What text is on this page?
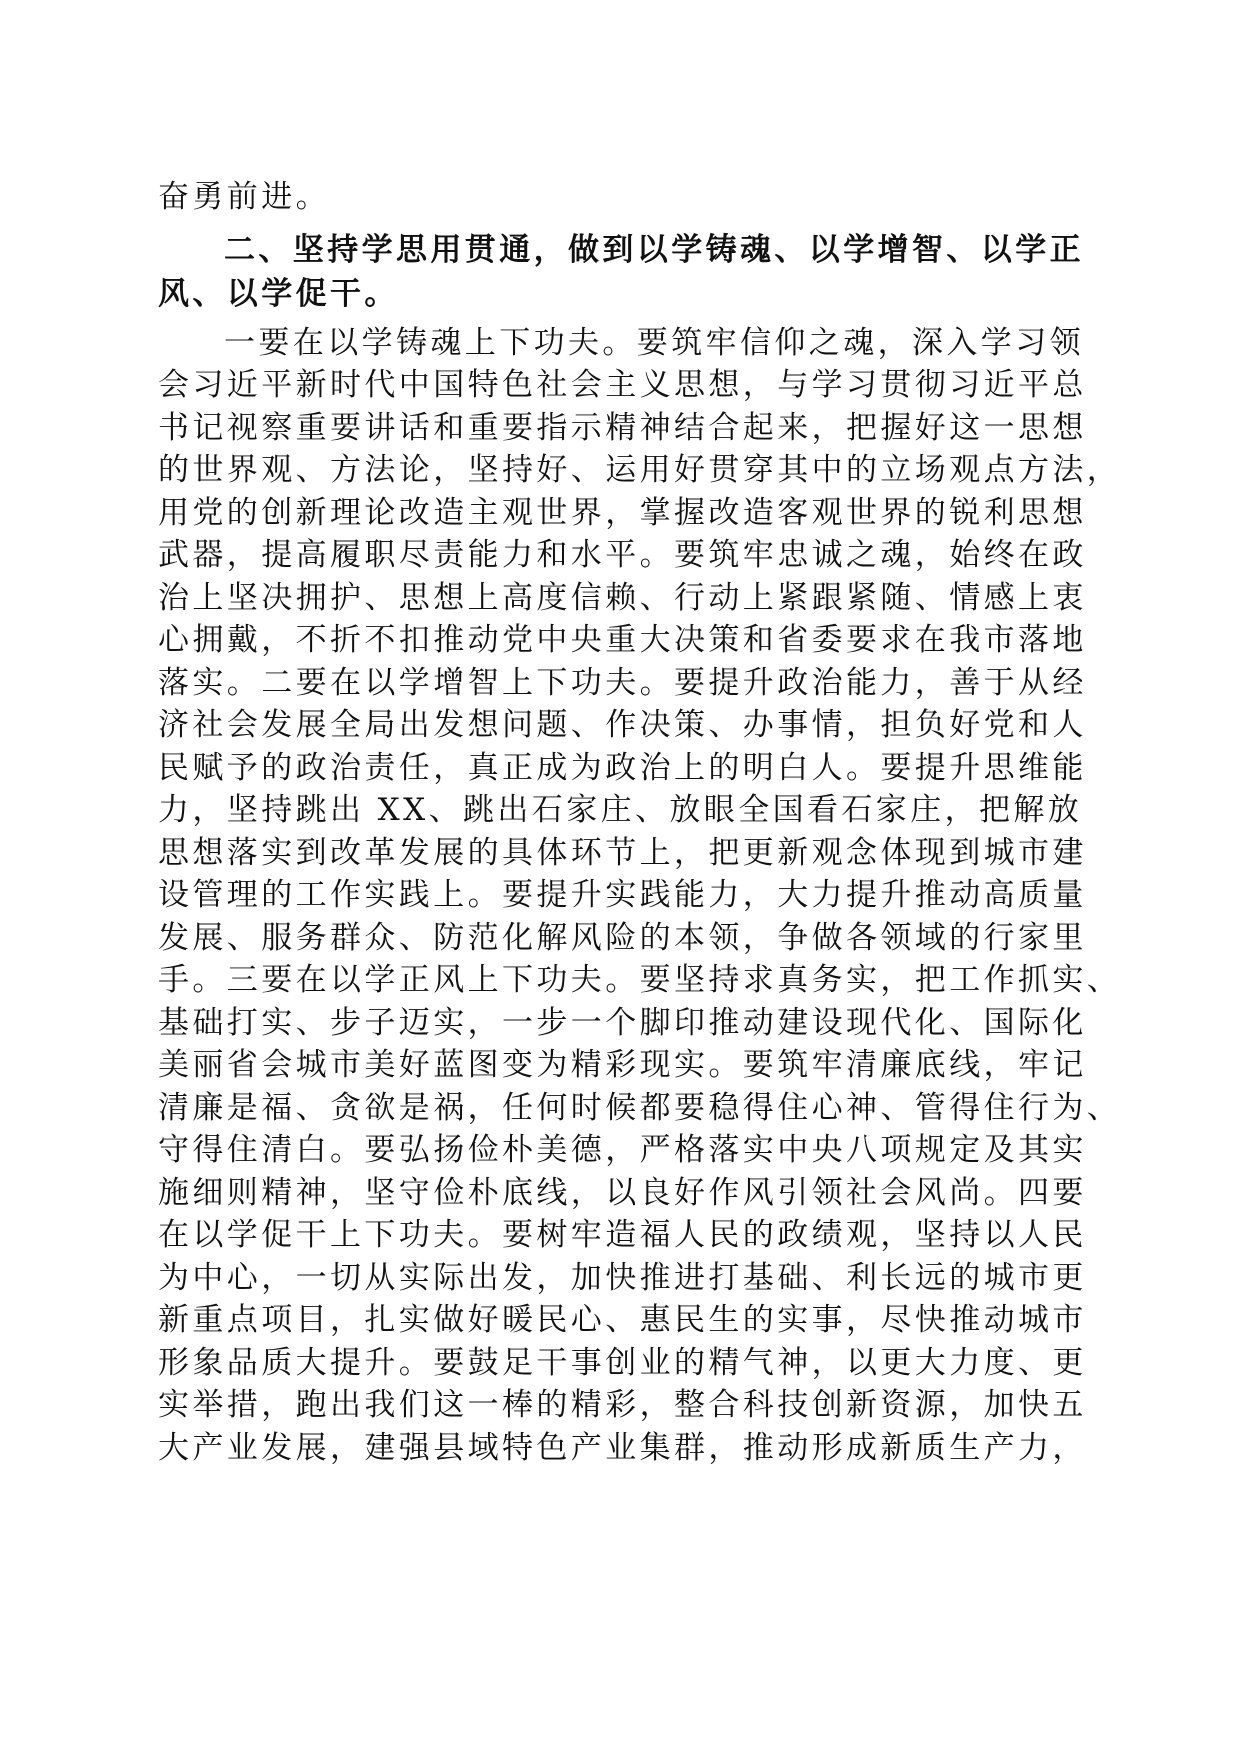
奋勇前进。
二、坚持学思用贯通，做到以学铸魂、以学增智、以学正
风、以学促干。
一要在以学铸魂上下功夫。要筑牢信仰之魂，深入学习领
会习近平新时代中国特色社会主义思想，与学习贯彻习近平总
书记视察重要讲话和重要指示精神结合起来，把握好这一思想
的世界观、方法论，坚持好、运用好贯穿其中的立场观点方法，
用党的创新理论改造主观世界，掌握改造客观世界的锐利思想
武器，提高履职尽责能力和水平。要筑牢忠诚之魂，始终在政
治上坚决拥护、思想上高度信赖、行动上紧跟紧随、情感上衷
心拥戴，不折不扣推动党中央重大决策和省委要求在我市落地
落实。二要在以学增智上下功夫。要提升政治能力，善于从经
济社会发展全局出发想问题、作决策、办事情，担负好党和人
民赋予的政治责任，真正成为政治上的明白人。要提升思维能
力，坚持跳出 XX、跳出石家庄、放眼全国看石家庄，把解放
思想落实到改革发展的具体环节上，把更新观念体现到城市建
设管理的工作实践上。要提升实践能力，大力提升推动高质量
发展、服务群众、防范化解风险的本领，争做各领域的行家里
手。三要在以学正风上下功夫。要坚持求真务实，把工作抓实、
基础打实、步子迈实，一步一个脚印推动建设现代化、国际化
美丽省会城市美好蓝图变为精彩现实。要筑牢清廉底线，牢记
清廉是福、贪欲是祸，任何时候都要稳得住心神、管得住行为、
守得住清白。要弘扬俭朴美德，严格落实中央八项规定及其实
施细则精神，坚守俭朴底线，以良好作风引领社会风尚。四要
在以学促干上下功夫。要树牢造福人民的政绩观，坚持以人民
为中心，一切从实际出发，加快推进打基础、利长远的城市更
新重点项目，扎实做好暖民心、惠民生的实事，尽快推动城市
形象品质大提升。要鼓足干事创业的精气神，以更大力度、更
实举措，跑出我们这一棒的精彩，整合科技创新资源，加快五
大产业发展，建强县域特色产业集群，推动形成新质生产力，
